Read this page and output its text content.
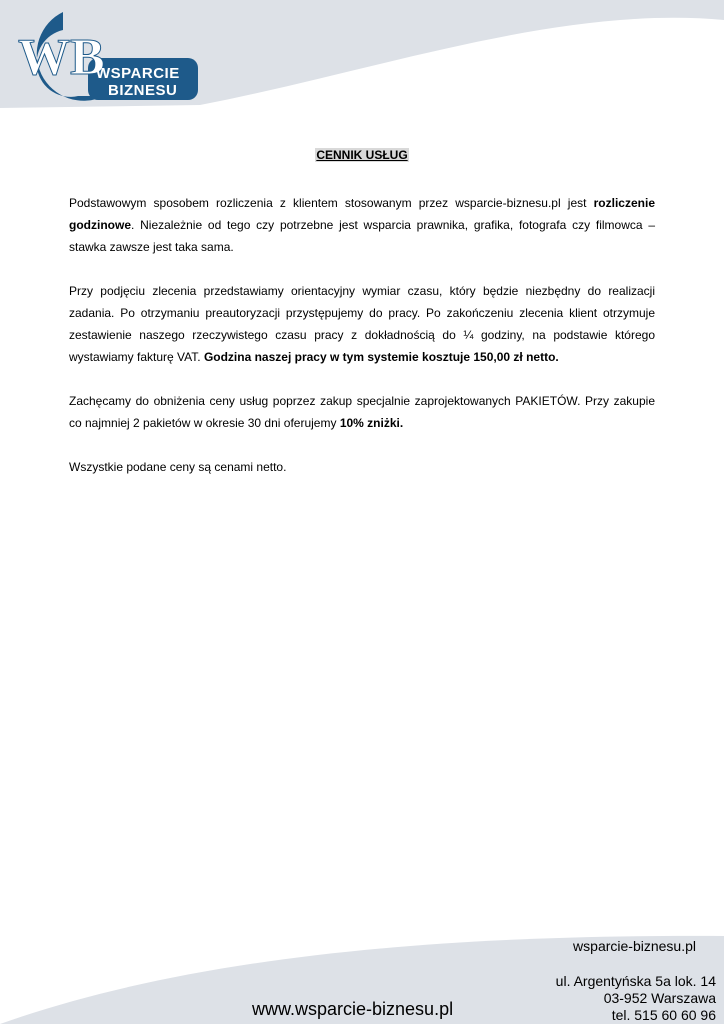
WB
WSPARCIE
BIZNESU
CENNIK USŁUG

Podstawowym sposobem rozliczenia z klientem stosowanym przez wsparcie-biznesu.pl jest rozliczenie godzinowe. Niezależnie od tego czy potrzebne jest wsparcia prawnika, grafika, fotografa czy filmowca – stawka zawsze jest taka sama.

Przy podjęciu zlecenia przedstawiamy orientacyjny wymiar czasu, który będzie niezbędny do realizacji zadania. Po otrzymaniu preautoryzacji przystępujemy do pracy. Po zakończeniu zlecenia klient otrzymuje zestawienie naszego rzeczywistego czasu pracy z dokładnością do ¼ godziny, na podstawie którego wystawiamy fakturę VAT. Godzina naszej pracy w tym systemie kosztuje 150,00 zł netto.

Zachęcamy do obniżenia ceny usług poprzez zakup specjalnie zaprojektowanych PAKIETÓW. Przy zakupie co najmniej 2 pakietów w okresie 30 dni oferujemy 10% zniżki.

Wszystkie podane ceny są cenami netto.

wsparcie-biznesu.pl
ul. Argentyńska 5a lok. 14
03-952 Warszawa
tel. 515 60 60 96
www.wsparcie-biznesu.pl
